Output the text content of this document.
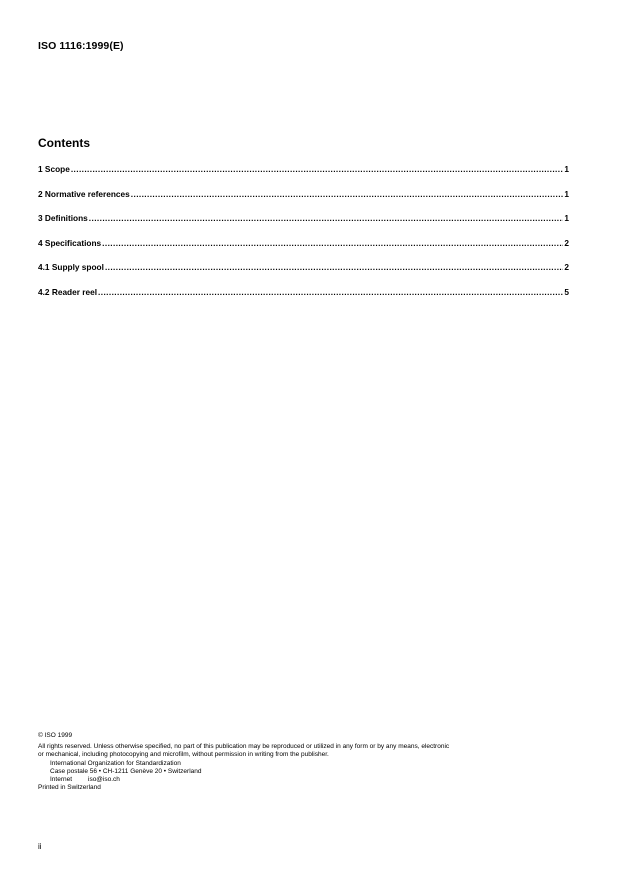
ISO 1116:1999(E)
Contents
1 Scope .....	1
2 Normative references .....	1
3 Definitions .....	1
4 Specifications .....	2
4.1 Supply spool .....	2
4.2 Reader reel .....	5
© ISO 1999
All rights reserved. Unless otherwise specified, no part of this publication may be reproduced or utilized in any form or by any means, electronic
or mechanical, including photocopying and microfilm, without permission in writing from the publisher.
International Organization for Standardization
Case postale 56 • CH-1211 Genève 20 • Switzerland
Internet iso@iso.ch
Printed in Switzerland
ii
